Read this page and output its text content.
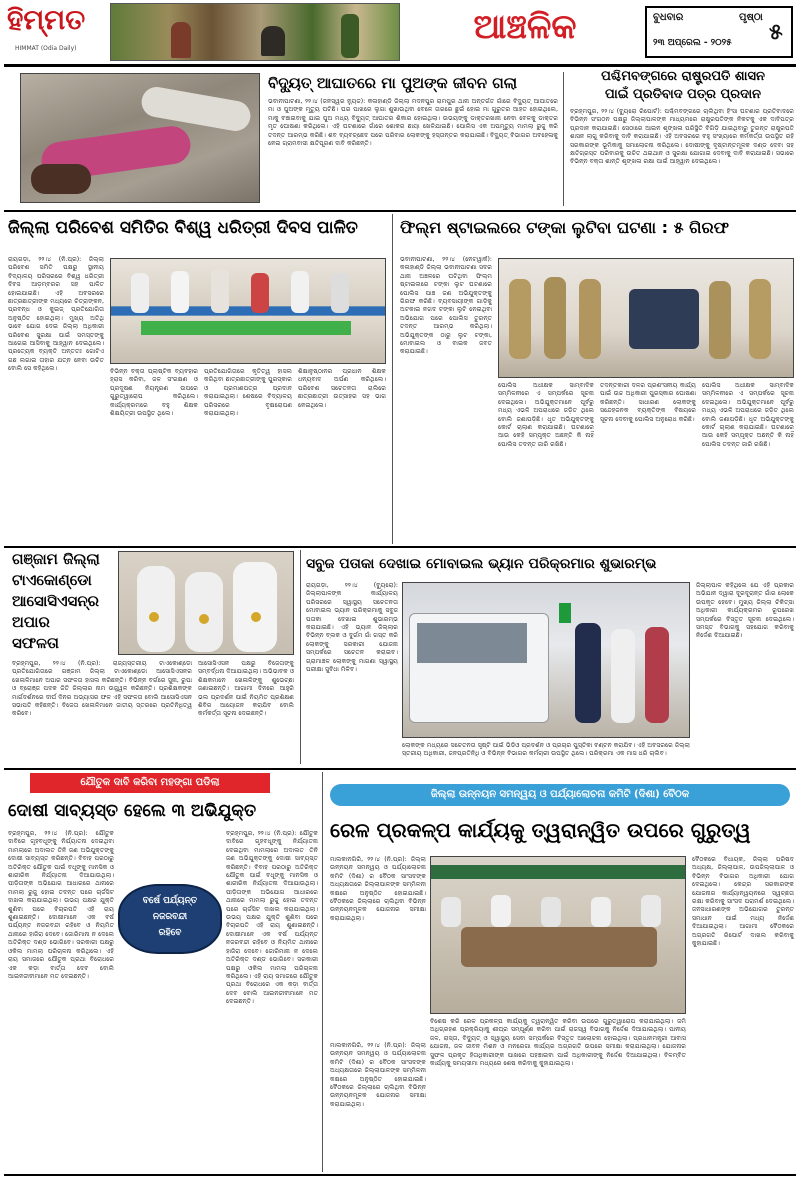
ହିମ୍ମତ
HIMMAT (Odia Daily)
ଆଞ୍ଚଳିକ	ବୁଧବାର	ପୃଷ୍ଠା
୫
୨୩ ଅପ୍ରେଲ - ୨୦୨୫
ବିଦ୍ୟୁତ୍ ଆଘାତରେ ମା ପୁଅଙ୍କ ଜୀବନ ଗଲା
ଭବାନୀପାଟଣା, ୨୨।୪ (ଜନସ୍ୱର ନ୍ୟୁଜ): କଳାହାଣ୍ଡି ଜିଲ୍ଲା ମଦନପୁର ରାମପୁର ଥାନା ଅନ୍ତର୍ଗତ ଗାଁରେ ବିଦ୍ୟୁତ୍ ଆଘାତରେ ମା ଓ ପୁଅଙ୍କ ମୃତ୍ୟୁ ଘଟିଛି। ଘର ପାଖରେ ଲୁଗା ଶୁଖାଉଥିବା ବେଳେ ତାରରେ ଛୁଇଁ ହୋଇ ମା ଗୁରୁତର ଆହତ ହୋଇଥିଲେ, ମାକୁ ବଞ୍ଚାଇବାକୁ ଯାଇ ପୁଅ ମଧ୍ୟ ବିଦ୍ୟୁତ୍ ଆଘାତର ଶିକାର ହୋଇଥିଲା। ଉଭୟଙ୍କୁ ଡାକ୍ତରଖାନା ନେବା ବେଳକୁ ଡାକ୍ତର ମୃତ ଘୋଷଣା କରିଥିଲେ। ଏହି ଘଟଣାରେ ଗାଁରେ ଶୋକର ଛାୟା ଖେଳିଯାଇଛି। ପୋଲିସ ଏକ ଅପମୃତ୍ୟୁ ମାମଲା ରୁଜୁ କରି ତଦନ୍ତ ଆରମ୍ଭ କରିଛି। ଶବ ବ୍ୟବଚ୍ଛେଦ ପରେ ପରିବାର ଲୋକଙ୍କୁ ହସ୍ତାନ୍ତର କରାଯାଇଛି। ବିଦ୍ୟୁତ୍ ବିଭାଗର ଅବହେଳାକୁ ନେଇ ଗ୍ରାମବାସୀ କ୍ଷତିପୂରଣ ଦାବି କରିଛନ୍ତି।
ପଶ୍ଚିମବଙ୍ଗରେ ରାଷ୍ଟ୍ରପତି ଶାସନ
ପାଇଁ ପ୍ରତିବାଦ ପତ୍ର ପ୍ରଦାନ
ବ୍ରହ୍ମପୁର, ୨୨।୪ (ବ୍ୟୁରୋ ରିପୋର୍ଟ): ପଶ୍ଚିମବଙ୍ଗରେ ଚାଲିଥିବା ହିଂସା ଘଟଣାର ପ୍ରତିବାଦରେ ବିଭିନ୍ନ ସଂଗଠନ ପକ୍ଷରୁ ଜିଲ୍ଲାପାଳଙ୍କ ମାଧ୍ୟମରେ ରାଷ୍ଟ୍ରପତିଙ୍କ ନିକଟକୁ ଏକ ଦାବିପତ୍ର ପ୍ରଦାନ କରାଯାଇଛି। ସେଠାରେ ଆଇନ ଶୃଙ୍ଖଳା ପରିସ୍ଥିତି ବିଗିଡ଼ି ଯାଇଥିବାରୁ ତୁରନ୍ତ ରାଷ୍ଟ୍ରପତି ଶାସନ ଲାଗୁ କରିବାକୁ ଦାବି କରାଯାଇଛି। ଏହି ଅବସରରେ ବହୁ ସଂଖ୍ୟାରେ କର୍ମକର୍ତ୍ତା ଉପସ୍ଥିତ ରହି ସରକାରଙ୍କ ଭୂମିକାକୁ ସମାଲୋଚନା କରିଥିଲେ। ଦୋଷୀଙ୍କୁ ଦୃଷ୍ଟାନ୍ତମୂଳକ ଦଣ୍ଡ ଦେବା ସହ କ୍ଷତିଗ୍ରସ୍ତ ପରିବାରକୁ ଉଚିତ ଥଇଥାନ ଓ ସୁରକ୍ଷା ଯୋଗାଇ ଦେବାକୁ ଦାବି କରାଯାଇଛି। ସଭାରେ ବିଭିନ୍ନ ବକ୍ତା ଶାନ୍ତି ଶୃଙ୍ଖଳା ରକ୍ଷା ପାଇଁ ଆହ୍ୱାନ ଦେଇଥିଲେ।
ଜିଲ୍ଲା ପରିବେଶ ସମିତିର ବିଶ୍ୱ ଧରିତ୍ରୀ ଦିବସ ପାଳିତ
ରାୟଗଡ଼ା, ୨୨।୪ (ନି.ପ୍ର): ଜିଲ୍ଲା ପରିବେଶ ସମିତି ପକ୍ଷରୁ ସ୍ଥାନୀୟ ବିଦ୍ୟାଳୟ ପରିସରରେ ବିଶ୍ୱ ଧରିତ୍ରୀ ଦିବସ ଆଡ଼ମ୍ବରର ସହ ପାଳିତ ହୋଇଯାଇଛି। ଏହି ଅବସରରେ ଛାତ୍ରଛାତ୍ରୀଙ୍କ ମଧ୍ୟରେ ଚିତ୍ରାଙ୍କନ, ପ୍ରବନ୍ଧ ଓ କୁଇଜ୍ ପ୍ରତିଯୋଗିତା ଅନୁଷ୍ଠିତ ହୋଇଥିଲା। ମୁଖ୍ୟ ଅତିଥି ଭାବେ ଯୋଗ ଦେଇ ଜିଲ୍ଲା ଅଧିକାରୀ ପରିବେଶ ସୁରକ୍ଷା ପାଇଁ ସମସ୍ତଙ୍କୁ ଆଗେଇ ଆସିବାକୁ ଆହ୍ୱାନ ଦେଇଥିଲେ। ପ୍ରତ୍ୟେକ ବ୍ୟକ୍ତି ଅନ୍ତତଃ ଗୋଟିଏ ଗଛ ଲଗାଇ ତାହାର ଯତ୍ନ ନେବା ଉଚିତ ବୋଲି ସେ କହିଥିଲେ।	ବିଭିନ୍ନ ବକ୍ତା ପ୍ଲାଷ୍ଟିକ ବ୍ୟବହାର ହ୍ରାସ କରିବା, ଜଳ ସଂରକ୍ଷଣ ଓ ପ୍ରଦୂଷଣ ନିୟନ୍ତ୍ରଣ ଉପରେ ଗୁରୁତ୍ୱାରୋପ କରିଥିଲେ। କାର୍ଯ୍ୟକ୍ରମରେ ବହୁ ଶିକ୍ଷକ ଶିକ୍ଷୟିତ୍ରୀ ଉପସ୍ଥିତ ଥିଲେ।
ପ୍ରତିଯୋଗିତାରେ କୃତିତ୍ୱ ହାସଲ କରିଥିବା ଛାତ୍ରଛାତ୍ରୀଙ୍କୁ ପୁରସ୍କାର ଓ ପ୍ରମାଣପତ୍ର ପ୍ରଦାନ କରାଯାଇଥିଲା। ଶେଷରେ ବିଦ୍ୟାଳୟ ପରିସରରେ ବୃକ୍ଷରୋପଣ କରାଯାଇଥିଲା।
ଶିକ୍ଷାନୁଷ୍ଠାନର ପ୍ରଧାନ ଶିକ୍ଷକ ଧନ୍ୟବାଦ ଅର୍ପଣ କରିଥିଲେ। ପରିବେଶ ସଚେତନତା ରାଲିରେ ଛାତ୍ରଛାତ୍ରୀ ଉତ୍ସାହର ସହ ଭାଗ ନେଇଥିଲେ।
ଫିଲ୍ମ ଷ୍ଟାଇଲରେ ଟଙ୍କା ଲୁଟିବା ଘଟଣା : ୫ ଗିରଫ
ଭବାନୀପାଟଣା, ୨୨।୪ (ନେଟୱାର୍କ): କଳାହାଣ୍ଡି ଜିଲ୍ଲା ଭବାନୀପାଟଣା ସଦର ଥାନା ଅଞ୍ଚଳରେ ଘଟିଥିବା ଫିଲ୍ମ ଷ୍ଟାଇଲରେ ଟଙ୍କା ଲୁଟ ଘଟଣାରେ ପୋଲିସ ପାଞ୍ଚ ଜଣ ଅଭିଯୁକ୍ତଙ୍କୁ ଗିରଫ କରିଛି। ବ୍ୟବସାୟୀଙ୍କ ଗାଡ଼ିକୁ ଅଟକାଇ ନଗଦ ଟଙ୍କା ଲୁଟି ନେଇଥିବା ଅଭିଯୋଗ ପରେ ପୋଲିସ ତୁରନ୍ତ ତଦନ୍ତ ଆରମ୍ଭ କରିଥିଲା। ଅଭିଯୁକ୍ତଙ୍କ ଠାରୁ ଲୁଟ ଟଙ୍କା, ମୋବାଇଲ ଓ ବାଇକ ଜବତ କରାଯାଇଛି।
ପୋଲିସ ଅଧୀକ୍ଷକ ସାମ୍ବାଦିକ ସମ୍ମିଳନୀରେ ଏ ସମ୍ପର୍କରେ ସୂଚନା ଦେଇଥିଲେ। ଅଭିଯୁକ୍ତମାନେ ପୂର୍ବରୁ ମଧ୍ୟ ଏଭଳି ଅପରାଧରେ ଜଡ଼ିତ ଥିଲେ ବୋଲି ଜଣାପଡ଼ିଛି। ଧୃତ ଅଭିଯୁକ୍ତଙ୍କୁ କୋର୍ଟ ଚାଲାଣ କରାଯାଇଛି। ଘଟଣାରେ ଆଉ କେହି ସମ୍ପୃକ୍ତ ଅଛନ୍ତି କି ନାହିଁ ପୋଲିସ ତଦନ୍ତ ଜାରି ରଖିଛି।
ତଦନ୍ତକାରୀ ଦଳର ପ୍ରଶଂସନୀୟ କାର୍ଯ୍ୟ ପାଇଁ ଉଚ୍ଚ ଅଧିକାରୀ ପୁରସ୍କାର ଘୋଷଣା କରିଛନ୍ତି। ସାଧାରଣ ଲୋକଙ୍କୁ ସନ୍ଦେହଜନକ ବ୍ୟକ୍ତିଙ୍କ ବିଷୟରେ ସୂଚନା ଦେବାକୁ ପୋଲିସ ଅନୁରୋଧ କରିଛି।
ପୋଲିସ ଅଧୀକ୍ଷକ ସାମ୍ବାଦିକ ସମ୍ମିଳନୀରେ ଏ ସମ୍ପର୍କରେ ସୂଚନା ଦେଇଥିଲେ। ଅଭିଯୁକ୍ତମାନେ ପୂର୍ବରୁ ମଧ୍ୟ ଏଭଳି ଅପରାଧରେ ଜଡ଼ିତ ଥିଲେ ବୋଲି ଜଣାପଡ଼ିଛି। ଧୃତ ଅଭିଯୁକ୍ତଙ୍କୁ କୋର୍ଟ ଚାଲାଣ କରାଯାଇଛି। ଘଟଣାରେ ଆଉ କେହି ସମ୍ପୃକ୍ତ ଅଛନ୍ତି କି ନାହିଁ ପୋଲିସ ତଦନ୍ତ ଜାରି ରଖିଛି।
ଗଞ୍ଜାମ ଜିଲ୍ଲା
ଟାଏକୋଣ୍ଡୋ
ଆସୋସିଏସନ୍‌ର
ଅପାର
ସଫଳତା
ବ୍ରହ୍ମପୁର, ୨୨।୪ (ନି.ପ୍ର): ରାଜ୍ୟସ୍ତରୀୟ ଟାଏକୋଣ୍ଡୋ ପ୍ରତିଯୋଗିତାରେ ଗଞ୍ଜାମ ଜିଲ୍ଲା ଟାଏକୋଣ୍ଡୋ ଆସୋସିଏସନର ଖେଳାଳିମାନେ ଅପାର ସଫଳତା ହାସଲ କରିଛନ୍ତି। ବିଭିନ୍ନ ବର୍ଗରେ ସୁନା, ରୁପା ଓ ବ୍ରୋଞ୍ଜ ପଦକ ଜିତି ଜିଲ୍ଲାର ନାମ ଉଜ୍ଜ୍ୱଳ କରିଛନ୍ତି। ପ୍ରଶିକ୍ଷକଙ୍କ ମାର୍ଗଦର୍ଶନରେ ଦୀର୍ଘ ଦିନର ଅଭ୍ୟାସର ଫଳ ଏହି ସଫଳତା ବୋଲି ଆସୋସିଏସନ ସଭାପତି କହିଛନ୍ତି। ବିଜେତା ଖେଳାଳିମାନେ ଜାତୀୟ ସ୍ତରରେ ପ୍ରତିନିଧିତ୍ୱ କରିବେ।
ଆସୋସିଏସନ ପକ୍ଷରୁ ବିଜେତାଙ୍କୁ ସମ୍ବର୍ଦ୍ଧନା ଦିଆଯାଇଥିଲା। ଅଭିଭାବକ ଓ ଶିକ୍ଷକମାନେ ଖେଳାଳିଙ୍କୁ ଶୁଭେଚ୍ଛା ଜଣାଇଛନ୍ତି। ଆଗାମୀ ଦିନରେ ଆହୁରି ଭଲ ପ୍ରଦର୍ଶନ ପାଇଁ ନିୟମିତ ପ୍ରଶିକ୍ଷଣ ଶିବିର ଆୟୋଜନ କରାଯିବ ବୋଲି କର୍ମକର୍ତ୍ତା ସୂଚନା ଦେଇଛନ୍ତି।
ସବୁଜ ପତାକା ଦେଖାଇ ମୋବାଇଲ ଭ୍ୟାନ ପରିକ୍ରମାର ଶୁଭାରମ୍ଭ
ରାୟଗଡ଼ା, ୨୨।୪ (ବ୍ୟୁରୋ): ଜିଲ୍ଲାପାଳଙ୍କ କାର୍ଯ୍ୟାଳୟ ପରିସରରେ ସ୍ୱାସ୍ଥ୍ୟ ସଚେତନତା ମୋବାଇଲ ଭ୍ୟାନ ପରିକ୍ରମାକୁ ସବୁଜ ପତାକା ଦେଖାଇ ଶୁଭାରମ୍ଭ କରାଯାଇଛି। ଏହି ଭ୍ୟାନ ଜିଲ୍ଲାର ବିଭିନ୍ନ ବ୍ଲକ ଓ ଦୁର୍ଗମ ଗାଁ ଗସ୍ତ କରି ଲୋକଙ୍କୁ ସରକାରୀ ଯୋଜନା ସମ୍ପର୍କରେ ସଚେତନ କରାଇବ। ଗ୍ରାମାଞ୍ଚଳ ଲୋକଙ୍କୁ ମାଗଣା ସ୍ୱାସ୍ଥ୍ୟ ପରୀକ୍ଷା ସୁବିଧା ମିଳିବ।
ଲୋକଙ୍କ ମଧ୍ୟରେ ସଚେତନତା ସୃଷ୍ଟି ପାଇଁ ଭିଡିଓ ପ୍ରଦର୍ଶନ ଓ ପ୍ରଚାର ପୁସ୍ତିକା ବଣ୍ଟନ କରାଯିବ। ଏହି ଅବସରରେ ଜିଲ୍ଲା ସ୍ତରୀୟ ଅଧିକାରୀ, ଜନପ୍ରତିନିଧି ଓ ବିଭିନ୍ନ ବିଭାଗର କର୍ମଚାରୀ ଉପସ୍ଥିତ ଥିଲେ। ପରିକ୍ରମା ଏକ ମାସ ଧରି ଚାଲିବ।
ଜିଲ୍ଲାପାଳ କହିଥିଲେ ଯେ ଏହି ପ୍ରକାର ଅଭିଯାନ ଦ୍ୱାରା ଦୂରଦୂରାନ୍ତ ଗାଁର ଲୋକେ ଉପକୃତ ହେବେ। ମୁଖ୍ୟ ଜିଲ୍ଲା ଚିକିତ୍ସା ଅଧିକାରୀ କାର୍ଯ୍ୟକ୍ରମର ରୂପରେଖ ସମ୍ପର୍କରେ ବିସ୍ତୃତ ସୂଚନା ଦେଇଥିଲେ। ସମସ୍ତ ବିଭାଗକୁ ସହଯୋଗ କରିବାକୁ ନିର୍ଦ୍ଦେଶ ଦିଆଯାଇଛି।
ଯୌତୁକ ଦାବି କରିବା ମହଙ୍ଗା ପଡିଲା
ଦୋଷୀ ସାବ୍ୟସ୍ତ ହେଲେ ୩ ଅଭିଯୁକ୍ତ
ବ୍ରହ୍ମପୁର, ୨୨।୪ (ନି.ପ୍ର): ଯୌତୁକ ଦାବିରେ ଗୃହବଧୂଙ୍କୁ ନିର୍ଯ୍ୟାତନା ଦେଇଥିବା ମାମଲାରେ ଅଦାଲତ ତିନି ଜଣ ଅଭିଯୁକ୍ତଙ୍କୁ ଦୋଷୀ ସାବ୍ୟସ୍ତ କରିଛନ୍ତି। ବିବାହ ପରଠାରୁ ଅତିରିକ୍ତ ଯୌତୁକ ପାଇଁ ବଧୂଙ୍କୁ ମାନସିକ ଓ ଶାରୀରିକ ନିର୍ଯ୍ୟାତନା ଦିଆଯାଉଥିଲା। ପୀଡ଼ିତାଙ୍କ ଅଭିଯୋଗ ଆଧାରରେ ଥାନାରେ ମାମଲା ରୁଜୁ ହୋଇ ତଦନ୍ତ ପରେ ଚାର୍ଜସିଟ ଦାଖଲ କରାଯାଇଥିଲା। ଉଭୟ ପକ୍ଷର ଯୁକ୍ତି ଶୁଣିବା ପରେ ବିଚାରପତି ଏହି ରାୟ ଶୁଣାଇଛନ୍ତି। ଦୋଷୀମାନେ ଏକ ବର୍ଷ ପର୍ଯ୍ୟନ୍ତ ନଜରବନ୍ଦୀ ରହିବେ ଓ ନିୟମିତ ଥାନାରେ ହାଜିରା ଦେବେ। ଜୋରିମାନା ନ ଦେଲେ ଅତିରିକ୍ତ ଦଣ୍ଡ ଭୋଗିବେ। ସରକାରୀ ପକ୍ଷରୁ ଓକିଲ ମାମଲା ପରିଚାଳନା କରିଥିଲେ। ଏହି ରାୟ ସମାଜରେ ଯୌତୁକ ପ୍ରଥା ବିରୋଧରେ ଏକ କଡ଼ା ବାର୍ତ୍ତା ଦେବ ବୋଲି ଆଇନଜୀବୀମାନେ ମତ ଦେଇଛନ୍ତି।
ବର୍ଷେ ପର୍ଯ୍ୟନ୍ତ
ନଜରବନ୍ଦୀ
ରହିବେ
ବ୍ରହ୍ମପୁର, ୨୨।୪ (ନି.ପ୍ର): ଯୌତୁକ ଦାବିରେ ଗୃହବଧୂଙ୍କୁ ନିର୍ଯ୍ୟାତନା ଦେଇଥିବା ମାମଲାରେ ଅଦାଲତ ତିନି ଜଣ ଅଭିଯୁକ୍ତଙ୍କୁ ଦୋଷୀ ସାବ୍ୟସ୍ତ କରିଛନ୍ତି। ବିବାହ ପରଠାରୁ ଅତିରିକ୍ତ ଯୌତୁକ ପାଇଁ ବଧୂଙ୍କୁ ମାନସିକ ଓ ଶାରୀରିକ ନିର୍ଯ୍ୟାତନା ଦିଆଯାଉଥିଲା। ପୀଡ଼ିତାଙ୍କ ଅଭିଯୋଗ ଆଧାରରେ ଥାନାରେ ମାମଲା ରୁଜୁ ହୋଇ ତଦନ୍ତ ପରେ ଚାର୍ଜସିଟ ଦାଖଲ କରାଯାଇଥିଲା। ଉଭୟ ପକ୍ଷର ଯୁକ୍ତି ଶୁଣିବା ପରେ ବିଚାରପତି ଏହି ରାୟ ଶୁଣାଇଛନ୍ତି। ଦୋଷୀମାନେ ଏକ ବର୍ଷ ପର୍ଯ୍ୟନ୍ତ ନଜରବନ୍ଦୀ ରହିବେ ଓ ନିୟମିତ ଥାନାରେ ହାଜିରା ଦେବେ। ଜୋରିମାନା ନ ଦେଲେ ଅତିରିକ୍ତ ଦଣ୍ଡ ଭୋଗିବେ। ସରକାରୀ ପକ୍ଷରୁ ଓକିଲ ମାମଲା ପରିଚାଳନା କରିଥିଲେ। ଏହି ରାୟ ସମାଜରେ ଯୌତୁକ ପ୍ରଥା ବିରୋଧରେ ଏକ କଡ଼ା ବାର୍ତ୍ତା ଦେବ ବୋଲି ଆଇନଜୀବୀମାନେ ମତ ଦେଇଛନ୍ତି।
ଜିଲ୍ଲା ଉନ୍ନୟନ ସମନ୍ୱୟ ଓ ପର୍ଯ୍ୟାଲୋଚନା କମିଟି (ଦିଶା) ବୈଠକ
ରେଳ ପ୍ରକଳ୍ପ କାର୍ଯ୍ୟକୁ ତ୍ୱରାନ୍ୱିତ ଉପରେ ଗୁରୁତ୍ୱ
ମାଲକାନଗିରି, ୨୨।୪ (ନି.ପ୍ର): ଜିଲ୍ଲା ଉନ୍ନୟନ ସମନ୍ୱୟ ଓ ପର୍ଯ୍ୟାଲୋଚନା କମିଟି (ଦିଶା) ର ବୈଠକ ସାଂସଦଙ୍କ ଅଧ୍ୟକ୍ଷତାରେ ଜିଲ୍ଲାପାଳଙ୍କ ସମ୍ମିଳନୀ କକ୍ଷରେ ଅନୁଷ୍ଠିତ ହୋଇଯାଇଛି। ବୈଠକରେ ଜିଲ୍ଲାରେ ଚାଲିଥିବା ବିଭିନ୍ନ ଉନ୍ନୟନମୂଳକ ଯୋଜନାର ସମୀକ୍ଷା କରାଯାଇଥିଲା।
ବିଶେଷ କରି ରେଳ ପ୍ରକଳ୍ପ କାର୍ଯ୍ୟକୁ ତ୍ୱରାନ୍ୱିତ କରିବା ଉପରେ ଗୁରୁତ୍ୱାରୋପ କରାଯାଇଥିଲା। ଜମି ଅଧିଗ୍ରହଣ ପ୍ରକ୍ରିୟାକୁ ଶୀଘ୍ର ସମ୍ପୂର୍ଣ୍ଣ କରିବା ପାଇଁ ରାଜସ୍ୱ ବିଭାଗକୁ ନିର୍ଦ୍ଦେଶ ଦିଆଯାଇଥିଲା। ପାନୀୟ ଜଳ, ରାସ୍ତା, ବିଦ୍ୟୁତ୍ ଓ ସ୍ୱାସ୍ଥ୍ୟ ସେବା ସମ୍ପର୍କରେ ବିସ୍ତୃତ ଆଲୋଚନା ହୋଇଥିଲା। ପ୍ରଧାନମନ୍ତ୍ରୀ ଆବାସ ଯୋଜନା, ଜଳ ଜୀବନ ମିଶନ ଓ ମନରେଗା କାର୍ଯ୍ୟର ଅଗ୍ରଗତି ଉପରେ ସମୀକ୍ଷା କରାଯାଇଥିଲା। ଯୋଜନାର ସୁଫଳ ପ୍ରକୃତ ହିତାଧିକାରୀଙ୍କ ପାଖରେ ପହଞ୍ଚାଇବା ପାଇଁ ଅଧିକାରୀଙ୍କୁ ନିର୍ଦ୍ଦେଶ ଦିଆଯାଇଥିଲା। ବିଳମ୍ବିତ କାର୍ଯ୍ୟକୁ ସମୟସୀମା ମଧ୍ୟରେ ଶେଷ କରିବାକୁ କୁହାଯାଇଥିଲା।
ମାଲକାନଗିରି, ୨୨।୪ (ନି.ପ୍ର): ଜିଲ୍ଲା ଉନ୍ନୟନ ସମନ୍ୱୟ ଓ ପର୍ଯ୍ୟାଲୋଚନା କମିଟି (ଦିଶା) ର ବୈଠକ ସାଂସଦଙ୍କ ଅଧ୍ୟକ୍ଷତାରେ ଜିଲ୍ଲାପାଳଙ୍କ ସମ୍ମିଳନୀ କକ୍ଷରେ ଅନୁଷ୍ଠିତ ହୋଇଯାଇଛି। ବୈଠକରେ ଜିଲ୍ଲାରେ ଚାଲିଥିବା ବିଭିନ୍ନ ଉନ୍ନୟନମୂଳକ ଯୋଜନାର ସମୀକ୍ଷା କରାଯାଇଥିଲା।
ବୈଠକରେ ବିଧାୟକ, ଜିଲ୍ଲା ପରିଷଦ ଅଧ୍ୟକ୍ଷ, ଜିଲ୍ଲାପାଳ, ଉପଜିଲ୍ଲାପାଳ ଓ ବିଭିନ୍ନ ବିଭାଗର ଅଧିକାରୀ ଯୋଗ ଦେଇଥିଲେ। କେନ୍ଦ୍ର ସରକାରଙ୍କ ଯୋଜନାର କାର୍ଯ୍ୟାନ୍ୱୟନରେ ସ୍ୱଚ୍ଛତା ରକ୍ଷା କରିବାକୁ ସାଂସଦ ପରାମର୍ଶ ଦେଇଥିଲେ। ଜନସାଧାରଣଙ୍କ ଅଭିଯୋଗର ତୁରନ୍ତ ସମାଧାନ ପାଇଁ ମଧ୍ୟ ନିର୍ଦ୍ଦେଶ ଦିଆଯାଇଥିଲା। ଆଗାମୀ ବୈଠକରେ ଅଗ୍ରଗତି ରିପୋର୍ଟ ଦାଖଲ କରିବାକୁ କୁହାଯାଇଛି।
